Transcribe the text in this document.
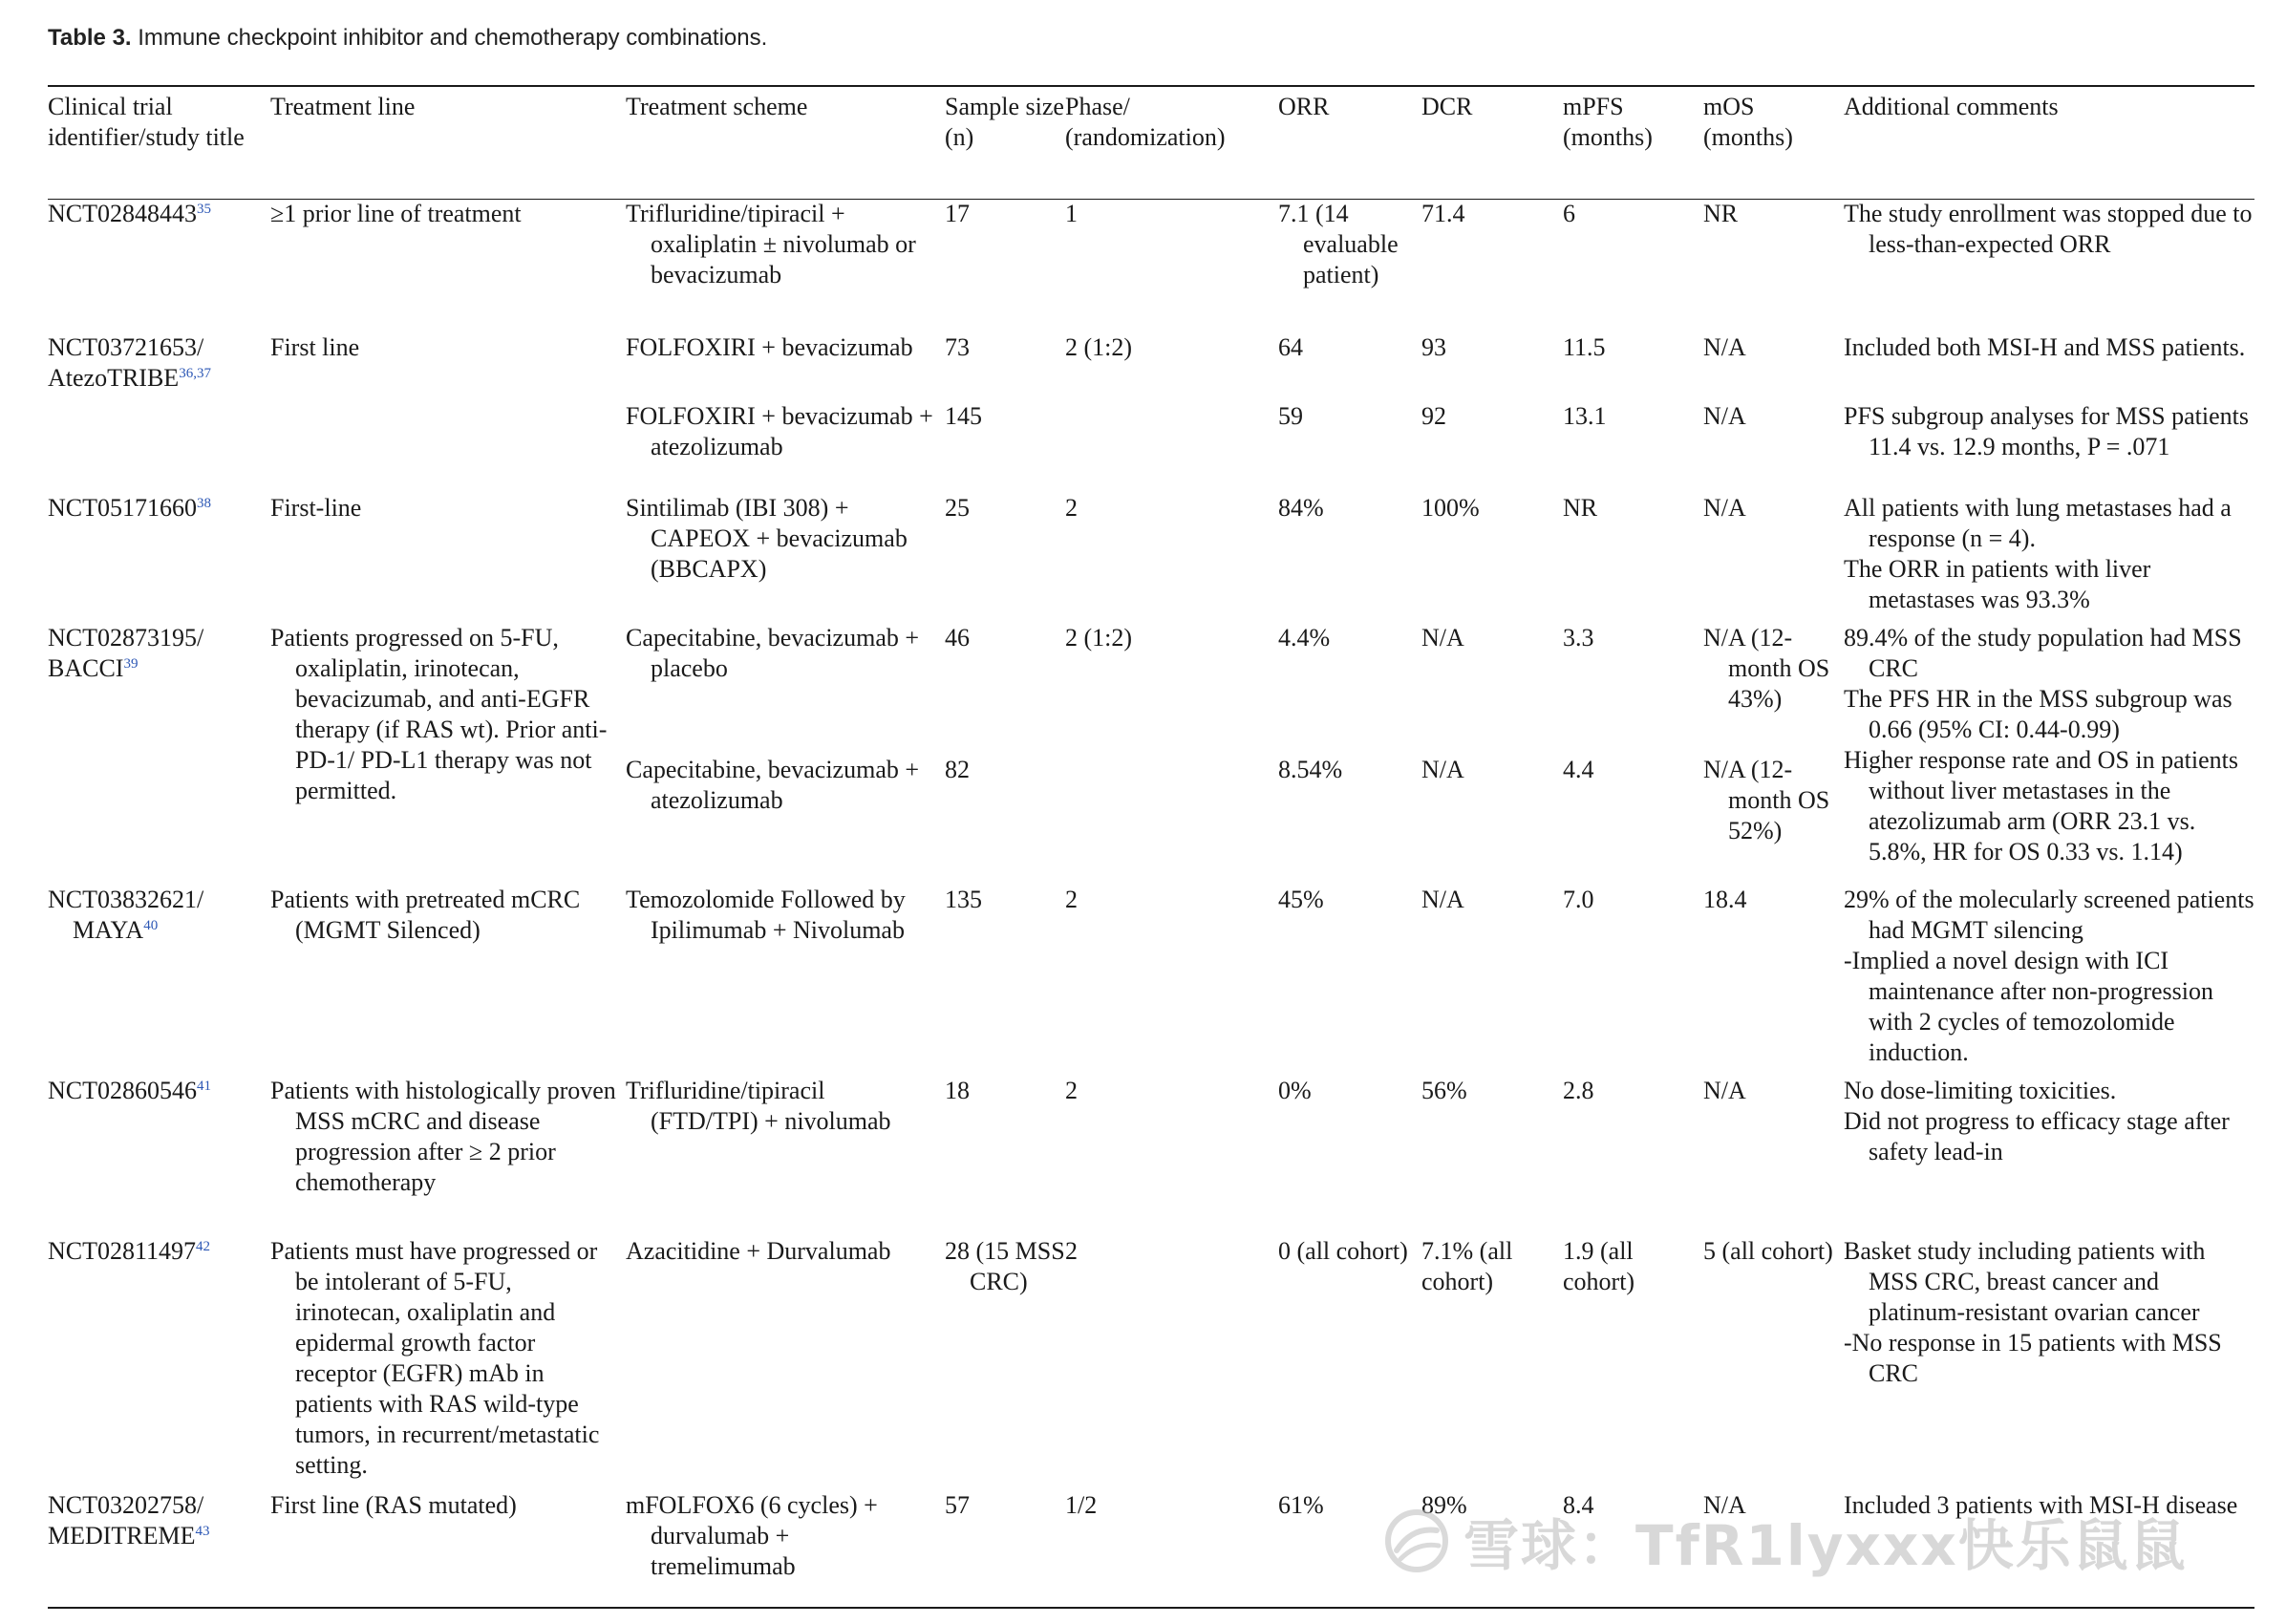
Table 3. Immune checkpoint inhibitor and chemotherapy combinations.
Clinical trial identifier/study title	Treatment line	Treatment scheme	Sample size (n)	Phase/ (randomization)	ORR	DCR	mPFS (months)	mOS (months)	Additional comments
$NCT02848443^{35}$	≥1 prior line of treatment	Trifluridine/tipiracil + oxaliplatin ± nivolumab or bevacizumab	17	1	7.1 (14 evaluable patient)	71.4	6	NR	The study enrollment was stopped due to less-than-expected ORR

NCT03721653/ AtezoTRIBE$^{36,37}$	First line	FOLFOXIRI + bevacizumab	73	2 (1:2)	64	93	11.5	N/A	Included both MSI-H and MSS patients.

		FOLFOXIRI + bevacizumab + atezolizumab	145		59	92	13.1	N/A	PFS subgroup analyses for MSS patients 11.4 vs. 12.9 months, P = .071

NCT05171660$^{38}$	First-line	Sintilimab (IBI 308) + CAPEOX + bevacizumab (BBCAPX)	25	2	84%	100%	NR	N/A	All patients with lung metastases had a response (n = 4).
The ORR in patients with liver metastases was 93.3%

NCT02873195/ BACCI$^{39}$	Patients progressed on 5-FU, oxaliplatin, irinotecan, bevacizumab, and anti-EGFR therapy (if RAS wt). Prior anti-PD-1/ PD-L1 therapy was not permitted.	Capecitabine, bevacizumab + placebo	46	2 (1:2)	4.4%	N/A	3.3	N/A (12-month OS 43%)	89.4% of the study population had MSS CRC
The PFS HR in the MSS subgroup was 0.66 (95% CI: 0.44-0.99)
Higher response rate and OS in patients without liver metastases in the atezolizumab arm (ORR 23.1 vs. 5.8%, HR for OS 0.33 vs. 1.14)

		Capecitabine, bevacizumab + atezolizumab	82		8.54%	N/A	4.4	N/A (12-month OS 52%)	

NCT03832621/ MAYA$^{40}$	Patients with pretreated mCRC (MGMT Silenced)	Temozolomide Followed by Ipilimumab + Nivolumab	135	2	45%	N/A	7.0	18.4	29% of the molecularly screened patients had MGMT silencing
-Implied a novel design with ICI maintenance after non-progression with 2 cycles of temozolomide induction.

NCT02860546$^{41}$	Patients with histologically proven MSS mCRC and disease progression after ≥ 2 prior chemotherapy	Trifluridine/tipiracil (FTD/TPI) + nivolumab	18	2	0%	56%	2.8	N/A	No dose-limiting toxicities.
Did not progress to efficacy stage after safety lead-in

NCT02811497$^{42}$	Patients must have progressed or be intolerant of 5-FU, irinotecan, oxaliplatin and epidermal growth factor receptor (EGFR) mAb in patients with RAS wild-type tumors, in recurrent/metastatic setting.	Azacitidine + Durvalumab	28 (15 MSS CRC)	2	0 (all cohort)	7.1% (all cohort)	1.9 (all cohort)	5 (all cohort)	Basket study including patients with MSS CRC, breast cancer and platinum-resistant ovarian cancer
-No response in 15 patients with MSS CRC

NCT03202758/ MEDITREME$^{43}$	First line (RAS mutated)	mFOLFOX6 (6 cycles) + durvalumab + tremelimumab	57	1/2	61%	89%	8.4	N/A	Included 3 patients with MSI-H disease
雪球：TfR1lyxxx快乐鼠鼠
